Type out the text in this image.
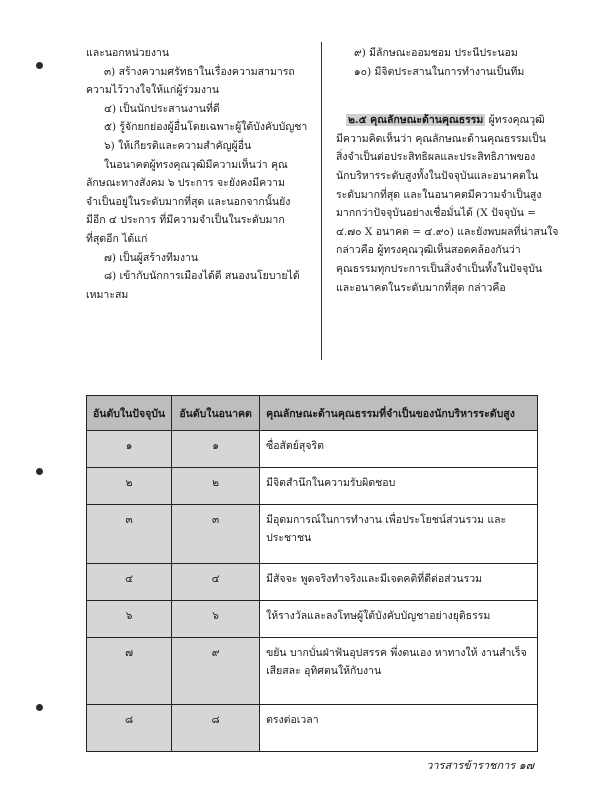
และนอกหน่วยงาน

๓) สร้างความศรัทธาในเรื่องความสามารถ

ความไว้วางใจให้แก่ผู้ร่วมงาน

๔) เป็นนักประสานงานที่ดี

๕) รู้จักยกย่องผู้อื่นโดยเฉพาะผู้ใต้บังคับบัญชา

๖) ให้เกียรติและความสำคัญผู้อื่น

ในอนาคตผู้ทรงคุณวุฒิมีความเห็นว่า คุณ

ลักษณะทางสังคม ๖ ประการ จะยังคงมีความ

จำเป็นอยู่ในระดับมากที่สุด และนอกจากนั้นยัง

มีอีก ๔ ประการ ที่มีความจำเป็นในระดับมาก

ที่สุดอีก ได้แก่

๗) เป็นผู้สร้างทีมงาน

๘) เข้ากับนักการเมืองได้ดี สนองนโยบายได้

เหมาะสม

๙) มีลักษณะออมชอม ประนีประนอม

๑๐) มีจิตประสานในการทำงานเป็นทีม

๒.๕ คุณลักษณะด้านคุณธรรม ผู้ทรงคุณวุฒิ

มีความคิดเห็นว่า คุณลักษณะด้านคุณธรรมเป็น

สิ่งจำเป็นต่อประสิทธิผลและประสิทธิภาพของ

นักบริหารระดับสูงทั้งในปัจจุบันและอนาคตใน

ระดับมากที่สุด และในอนาคตมีความจำเป็นสูง

มากกว่าปัจจุบันอย่างเชื่อมั่นได้ (X ปัจจุบัน =

๔.๗๐ X อนาคต = ๔.๙๐) และยังพบผลที่น่าสนใจ

กล่าวคือ ผู้ทรงคุณวุฒิเห็นสอดคล้องกันว่า

คุณธรรมทุกประการเป็นสิ่งจำเป็นทั้งในปัจจุบัน

และอนาคตในระดับมากที่สุด กล่าวคือ

อันดับในปัจจุบัน	อันดับในอนาคต	คุณลักษณะด้านคุณธรรมที่จำเป็นของนักบริหารระดับสูง
๑	๑	ซื่อสัตย์สุจริต
๒	๒	มีจิตสำนึกในความรับผิดชอบ
๓	๓	มีอุดมการณ์ในการทำงาน เพื่อประโยชน์ส่วนรวม และประชาชน
๔	๔	มีสัจจะ พูดจริงทำจริงและมีเจตคติที่ดีต่อส่วนรวม
๖	๖	ให้รางวัลและลงโทษผู้ใต้บังคับบัญชาอย่างยุติธรรม
๗	๙	ขยัน บากบั่นฝ่าฟันอุปสรรค พึ่งตนเอง หาทางให้ งานสำเร็จ เสียสละ อุทิศตนให้กับงาน
๘	๘	ตรงต่อเวลา
วารสารข้าราชการ ๑๗
